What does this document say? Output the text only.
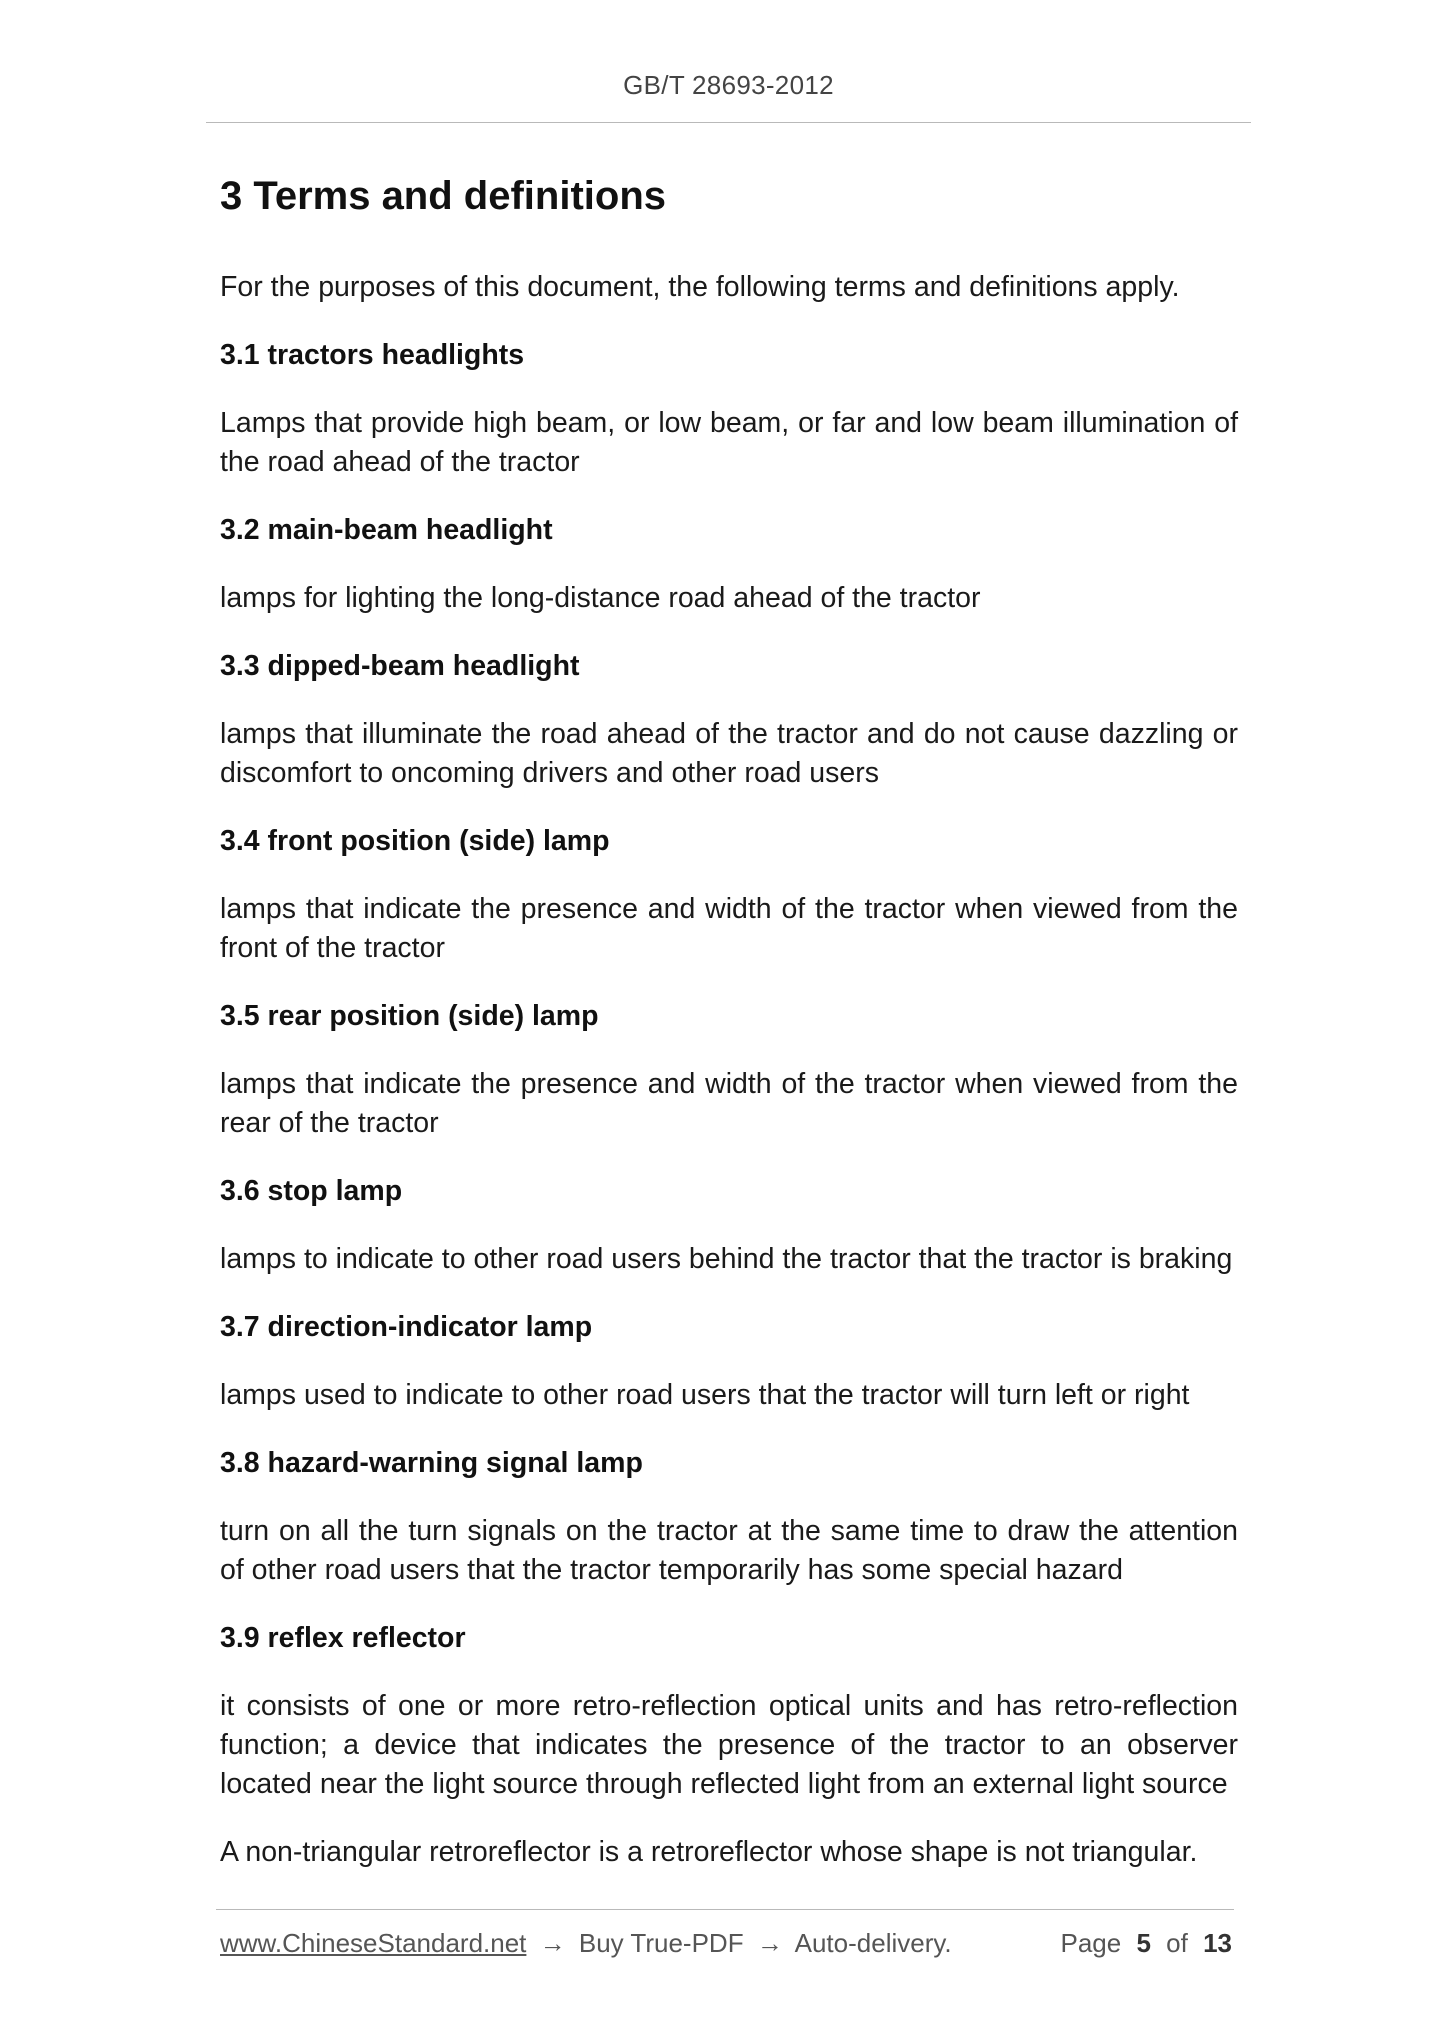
GB/T 28693-2012
3 Terms and definitions

For the purposes of this document, the following terms and definitions apply.

3.1 tractors headlights

Lamps that provide high beam, or low beam, or far and low beam illumination of the road ahead of the tractor

3.2 main-beam headlight

lamps for lighting the long-distance road ahead of the tractor

3.3 dipped-beam headlight

lamps that illuminate the road ahead of the tractor and do not cause dazzling or discomfort to oncoming drivers and other road users

3.4 front position (side) lamp

lamps that indicate the presence and width of the tractor when viewed from the front of the tractor

3.5 rear position (side) lamp

lamps that indicate the presence and width of the tractor when viewed from the rear of the tractor

3.6 stop lamp

lamps to indicate to other road users behind the tractor that the tractor is braking

3.7 direction-indicator lamp

lamps used to indicate to other road users that the tractor will turn left or right

3.8 hazard-warning signal lamp

turn on all the turn signals on the tractor at the same time to draw the attention of other road users that the tractor temporarily has some special hazard

3.9 reflex reflector

it consists of one or more retro-reflection optical units and has retro-reflection function; a device that indicates the presence of the tractor to an observer located near the light source through reflected light from an external light source

A non-triangular retroreflector is a retroreflector whose shape is not triangular.

www.ChineseStandard.net → Buy True-PDF → Auto-delivery.	Page 5 of 13
